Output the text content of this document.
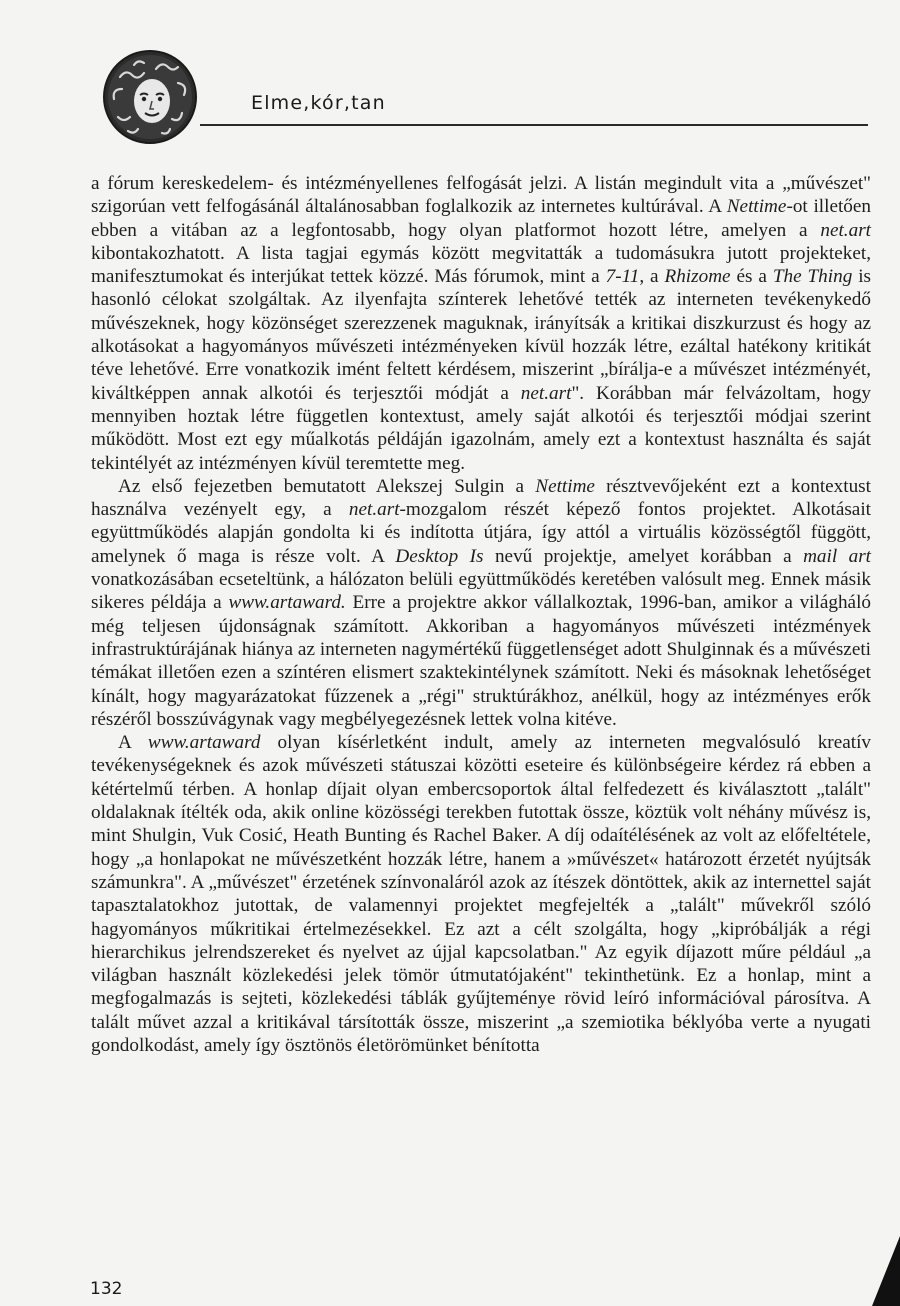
Elme,kór,tan

a fórum kereskedelem- és intézményellenes felfogását jelzi. A listán megindult vita a „művészet" szigorúan vett felfogásánál általánosabban foglalkozik az internetes kultúrával. A Nettime-ot illetően ebben a vitában az a legfontosabb, hogy olyan platformot hozott létre, amelyen a net.art kibontakozhatott. A lista tagjai egymás között megvitatták a tudomásukra jutott projekteket, manifesztumokat és interjúkat tettek közzé. Más fórumok, mint a 7-11, a Rhizome és a The Thing is hasonló célokat szolgáltak. Az ilyenfajta színterek lehetővé tették az interneten tevékenykedő művészeknek, hogy közönséget szerezzenek maguknak, irányítsák a kritikai diszkurzust és hogy az alkotásokat a hagyományos művészeti intézményeken kívül hozzák létre, ezáltal hatékony kritikát téve lehetővé. Erre vonatkozik imént feltett kérdésem, miszerint „bírálja-e a művészet intézményét, kiváltképpen annak alkotói és terjesztői módját a net.art". Korábban már felvázoltam, hogy mennyiben hoztak létre független kontextust, amely saját alkotói és terjesztői módjai szerint működött. Most ezt egy műalkotás példáján igazolnám, amely ezt a kontextust használta és saját tekintélyét az intézményen kívül teremtette meg.

Az első fejezetben bemutatott Alekszej Sulgin a Nettime résztvevőjeként ezt a kontextust használva vezényelt egy, a net.art-mozgalom részét képező fontos projektet. Alkotásait együttműködés alapján gondolta ki és indította útjára, így attól a virtuális közösségtől függött, amelynek ő maga is része volt. A Desktop Is nevű projektje, amelyet korábban a mail art vonatkozásában ecseteltünk, a hálózaton belüli együttműködés keretében valósult meg. Ennek másik sikeres példája a www.artaward. Erre a projektre akkor vállalkoztak, 1996-ban, amikor a világháló még teljesen újdonságnak számított. Akkoriban a hagyományos művészeti intézmények infrastruktúrájának hiánya az interneten nagymértékű függetlenséget adott Shulginnak és a művészeti témákat illetően ezen a színtéren elismert szaktekintélynek számított. Neki és másoknak lehetőséget kínált, hogy magyarázatokat fűzzenek a „régi" struktúrákhoz, anélkül, hogy az intézményes erők részéről bosszúvágynak vagy megbélyegezésnek lettek volna kitéve.

A www.artaward olyan kísérletként indult, amely az interneten megvalósuló kreatív tevékenységeknek és azok művészeti státuszai közötti eseteire és különbségeire kérdez rá ebben a kétértelmű térben. A honlap díjait olyan embercsoportok által felfedezett és kiválasztott „talált" oldalaknak ítélték oda, akik online közösségi terekben futottak össze, köztük volt néhány művész is, mint Shulgin, Vuk Cosić, Heath Bunting és Rachel Baker. A díj odaítélésének az volt az előfeltétele, hogy „a honlapokat ne művészetként hozzák létre, hanem a »művészet« határozott érzetét nyújtsák számunkra". A „művészet" érzetének színvonaláról azok az ítészek döntöttek, akik az internettel saját tapasztalatokhoz jutottak, de valamennyi projektet megfejelték a „talált" művekről szóló hagyományos műkritikai értelmezésekkel. Ez azt a célt szolgálta, hogy „kipróbálják a régi hierarchikus jelrendszereket és nyelvet az újjal kapcsolatban." Az egyik díjazott műre például „a világban használt közlekedési jelek tömör útmutatójaként" tekinthetünk. Ez a honlap, mint a megfogalmazás is sejteti, közlekedési táblák gyűjteménye rövid leíró információval párosítva. A talált művet azzal a kritikával társították össze, miszerint „a szemiotika béklyóba verte a nyugati gondolkodást, amely így ösztönös életörömünket bénította

132
